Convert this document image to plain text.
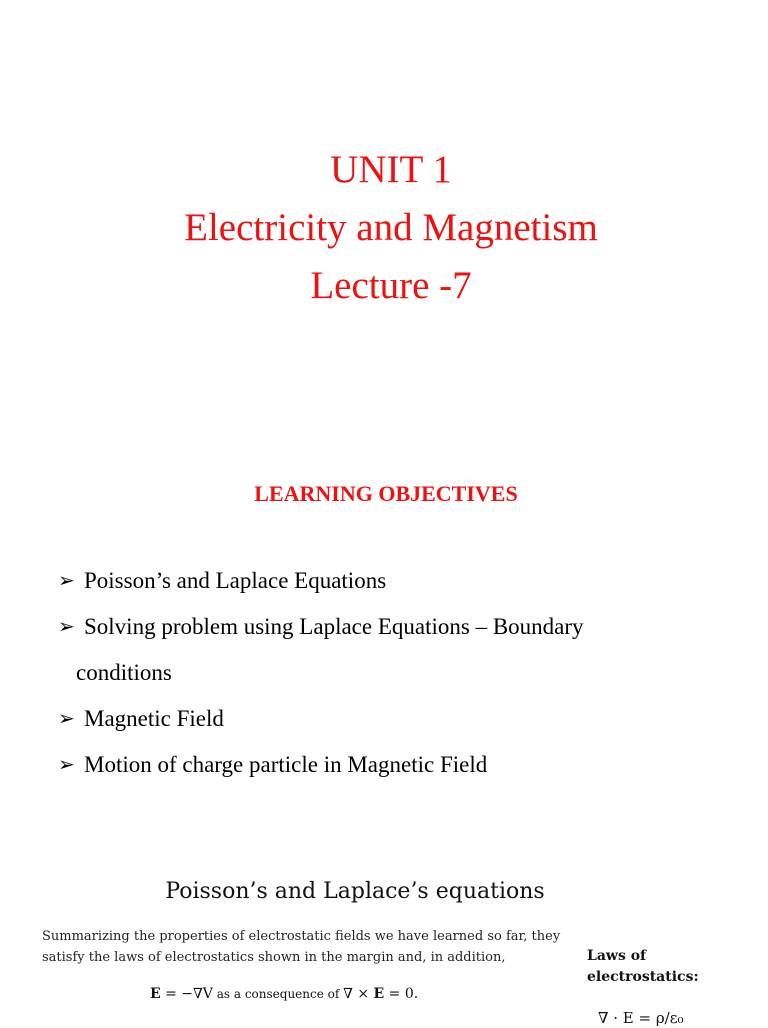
UNIT 1
Electricity and Magnetism
Lecture -7
LEARNING OBJECTIVES
➢ Poisson’s and Laplace Equations
➢ Solving problem using Laplace Equations – Boundary
conditions
➢ Magnetic Field
➢ Motion of charge particle in Magnetic Field
Poisson’s and Laplace’s equations
Summarizing the properties of electrostatic fields we have learned so far, they
satisfy the laws of electrostatics shown in the margin and, in addition,
E = −∇V as a consequence of ∇ × E = 0.
Laws of
electrostatics:
∇ · E = ρ/ε₀
